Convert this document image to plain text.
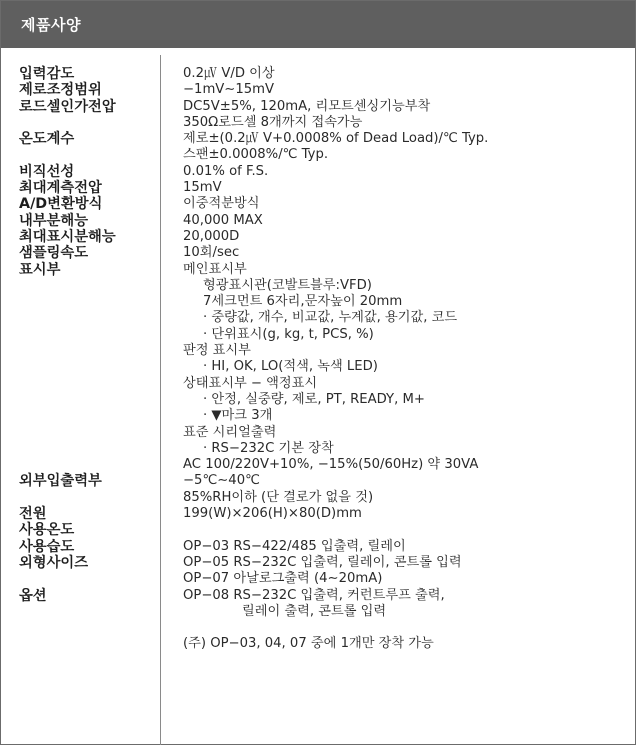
제품사양
입력감도
제로조정범위
로드셀인가전압
온도계수
비직선성
최대계측전압
A/D변환방식
내부분해능
최대표시분해능
샘플링속도
표시부
외부입출력부
전원
사용온도
사용습도
외형사이즈
옵션
0.2㎶ V/D 이상
−1mV∼15mV
DC5V±5%, 120mA, 리모트센싱기능부착
350Ω로드셀 8개까지 접속가능
제로±(0.2㎶ V+0.0008% of Dead Load)/℃ Typ.
스팬±0.0008%/℃ Typ.
0.01% of F.S.
15mV
이중적분방식
40,000 MAX
20,000D
10회/sec
메인표시부
형광표시관(코발트블루:VFD)
7세크먼트 6자리,문자높이 20mm
· 중량값, 개수, 비교값, 누계값, 용기값, 코드
· 단위표시(g, kg, t, PCS, %)
판정 표시부
· HI, OK, LO(적색, 녹색 LED)
상태표시부 − 액정표시
· 안정, 실중량, 제로, PT, READY, M+
· ▼마크 3개
표준 시리얼출력
· RS−232C 기본 장착
AC 100/220V+10%, −15%(50/60Hz) 약 30VA
−5℃∼40℃
85%RH이하 (단 결로가 없을 것)
199(W)×206(H)×80(D)mm
OP−03 RS−422/485 입출력, 릴레이
OP−05 RS−232C 입출력, 릴레이, 콘트롤 입력
OP−07 아날로그출력 (4∼20mA)
OP−08 RS−232C 입출력, 커런트루프 출력,
릴레이 출력, 콘트롤 입력
(주) OP−03, 04, 07 중에 1개만 장착 가능
